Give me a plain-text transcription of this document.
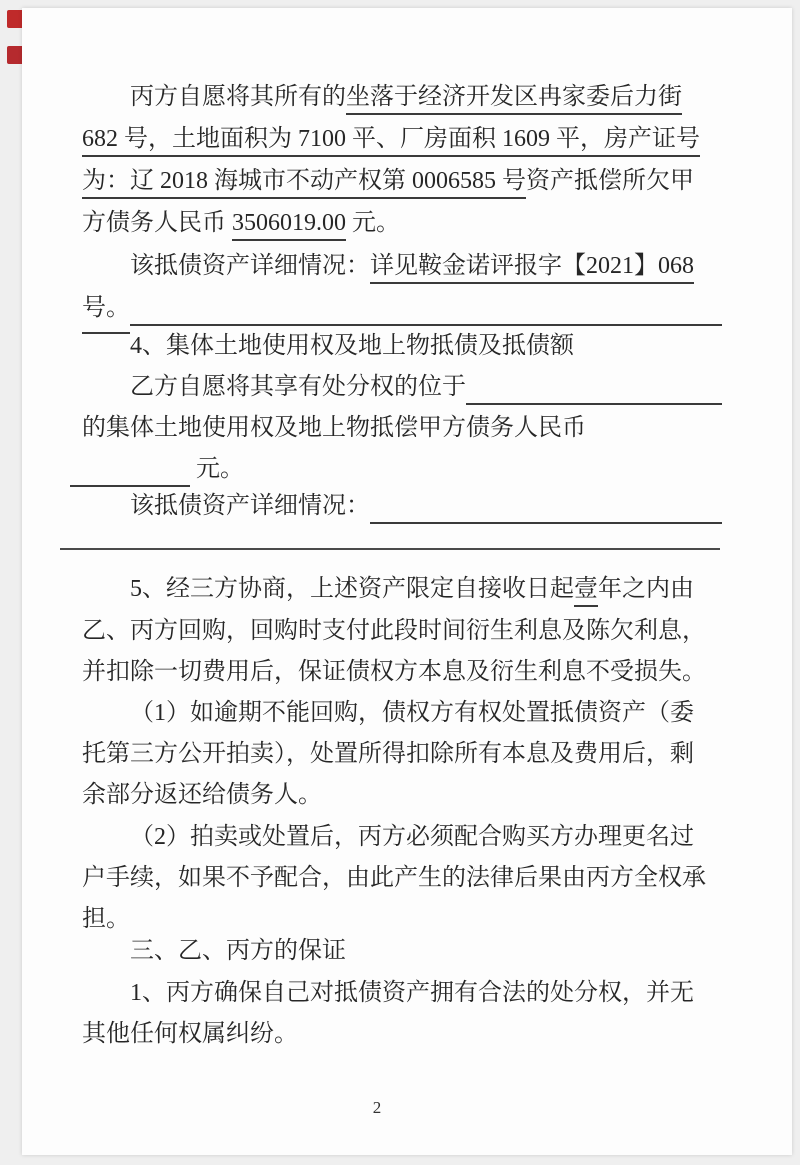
丙方自愿将其所有的坐落于经济开发区冉家委后力街
682 号，土地面积为 7100 平、厂房面积 1609 平，房产证号
为：辽 2018 海城市不动产权第 0006585 号资产抵偿所欠甲
方债务人民币 3506019.00 元。
该抵债资产详细情况：详见鞍金诺评报字【2021】068
号。
4、集体土地使用权及地上物抵债及抵债额
乙方自愿将其享有处分权的位于
的集体土地使用权及地上物抵偿甲方债务人民币
元。
该抵债资产详细情况：
5、经三方协商，上述资产限定自接收日起壹年之内由
乙、丙方回购，回购时支付此段时间衍生利息及陈欠利息，
并扣除一切费用后，保证债权方本息及衍生利息不受损失。
（1）如逾期不能回购，债权方有权处置抵债资产（委
托第三方公开拍卖），处置所得扣除所有本息及费用后，剩
余部分返还给债务人。
（2）拍卖或处置后，丙方必须配合购买方办理更名过
户手续，如果不予配合，由此产生的法律后果由丙方全权承
担。
三、乙、丙方的保证
1、丙方确保自己对抵债资产拥有合法的处分权，并无
其他任何权属纠纷。
2
